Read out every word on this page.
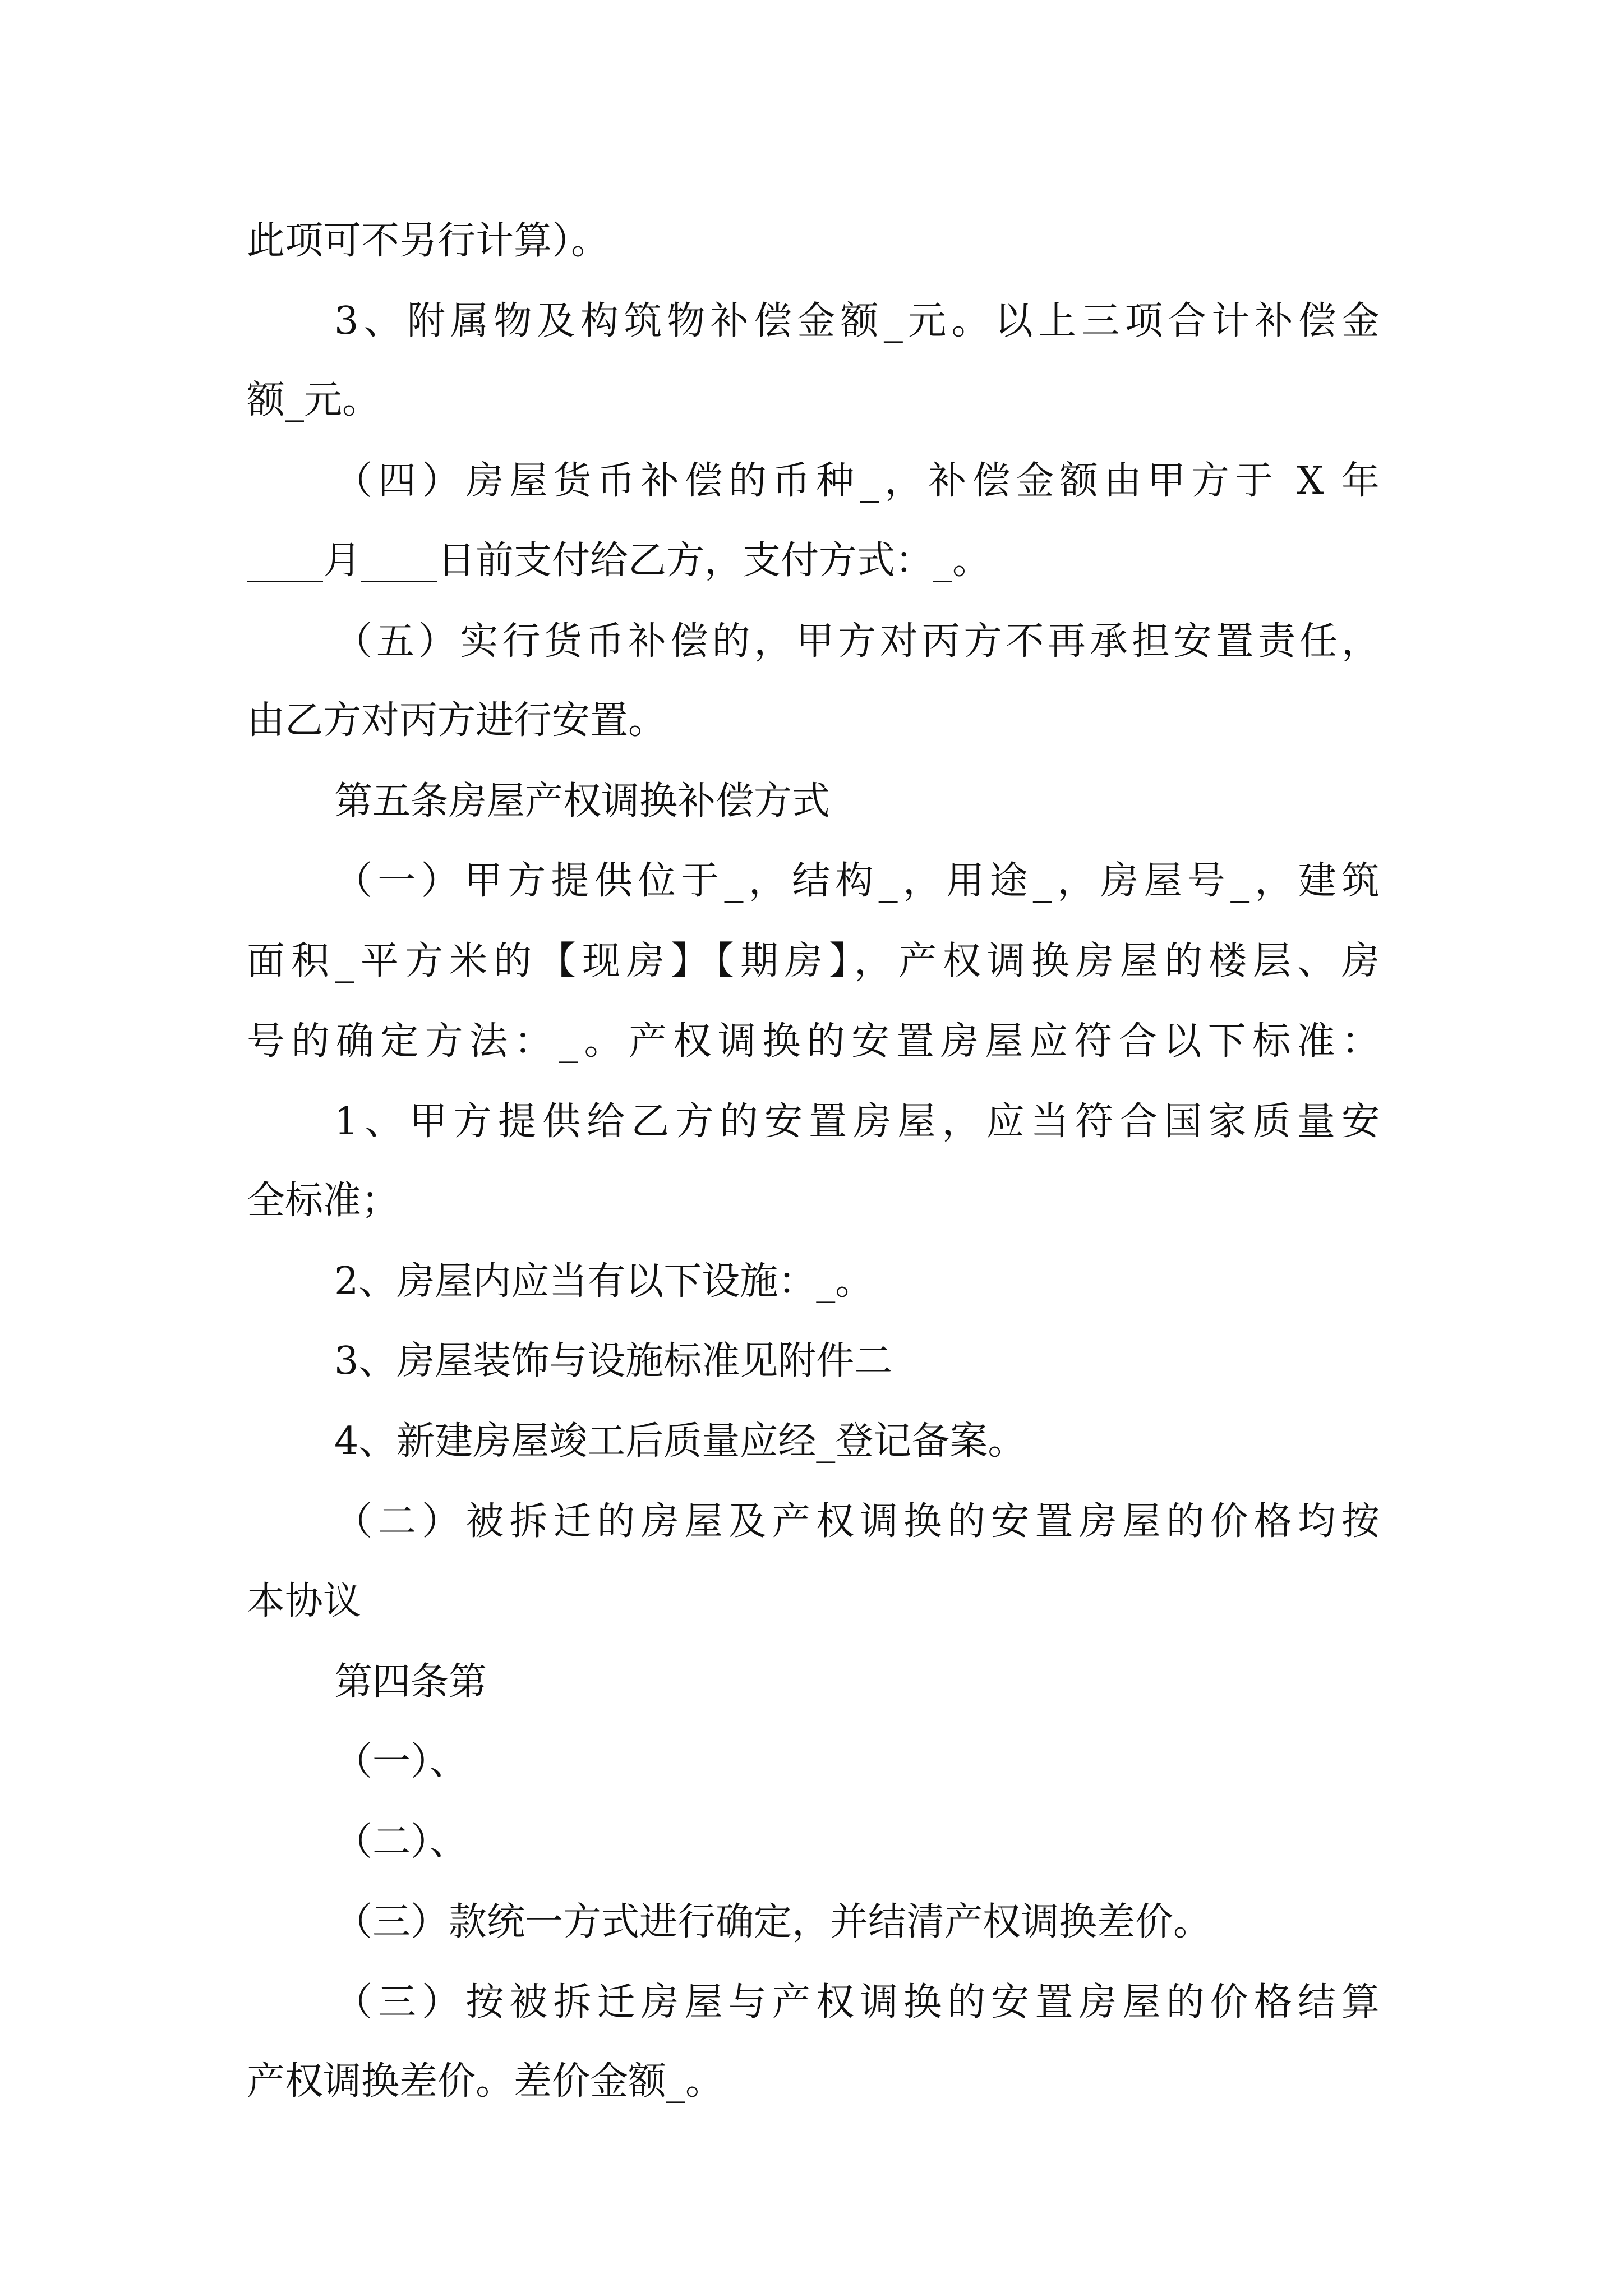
此项可不另行计算）。
3、附属物及构筑物补偿金额_元。以上三项合计补偿金
额_元。
（四）房屋货币补偿的币种_，补偿金额由甲方于 X 年
____月____日前支付给乙方，支付方式：_。
（五）实行货币补偿的，甲方对丙方不再承担安置责任，
由乙方对丙方进行安置。
第五条房屋产权调换补偿方式
（一）甲方提供位于_，结构_，用途_，房屋号_，建筑
面积_平方米的【现房】【期房】，产权调换房屋的楼层、房
号的确定方法：_。产权调换的安置房屋应符合以下标准：
1、甲方提供给乙方的安置房屋，应当符合国家质量安
全标准；
2、房屋内应当有以下设施：_。
3、房屋装饰与设施标准见附件二
4、新建房屋竣工后质量应经_登记备案。
（二）被拆迁的房屋及产权调换的安置房屋的价格均按
本协议
第四条第
（一）、
（二）、
（三）款统一方式进行确定，并结清产权调换差价。
（三）按被拆迁房屋与产权调换的安置房屋的价格结算
产权调换差价。差价金额_。
